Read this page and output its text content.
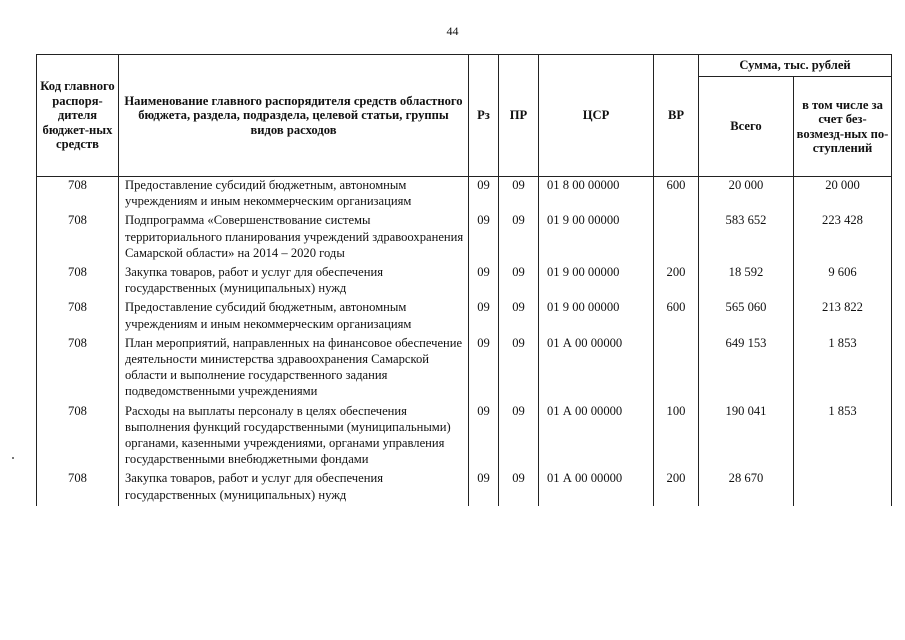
44
Код главного распоря-дителя бюджет-ных средств	Наименование главного распорядителя средств областного бюджета, раздела, подраздела, целевой статьи, группы видов расходов	Рз	ПР	ЦСР	ВР	Сумма, тыс. рублей	
						Всего	в том числе за счет без-возмезд-ных по-ступлений
708	Предоставление субсидий бюджетным, автономным учреждениям и иным некоммерческим организациям	09	09	01 8 00 00000	600	20 000	20 000
708	Подпрограмма «Совершенствование системы территориального планирования учреждений здравоохранения Самарской области» на 2014 – 2020 годы	09	09	01 9 00 00000		583 652	223 428
708	Закупка товаров, работ и услуг для обеспечения государственных (муниципальных) нужд	09	09	01 9 00 00000	200	18 592	9 606
708	Предоставление субсидий бюджетным, автономным учреждениям и иным некоммерческим организациям	09	09	01 9 00 00000	600	565 060	213 822
708	План мероприятий, направленных на финансовое обеспечение деятельности министерства здравоохранения Самарской области и выполнение государственного задания подведомственными учреждениями	09	09	01 А 00 00000		649 153	1 853
708	Расходы на выплаты персоналу в целях обеспечения выполнения функций государственными (муниципальными) органами, казенными учреждениями, органами управления государственными внебюджетными фондами	09	09	01 А 00 00000	100	190 041	1 853
708	Закупка товаров, работ и услуг для обеспечения государственных (муниципальных) нужд	09	09	01 А 00 00000	200	28 670	
